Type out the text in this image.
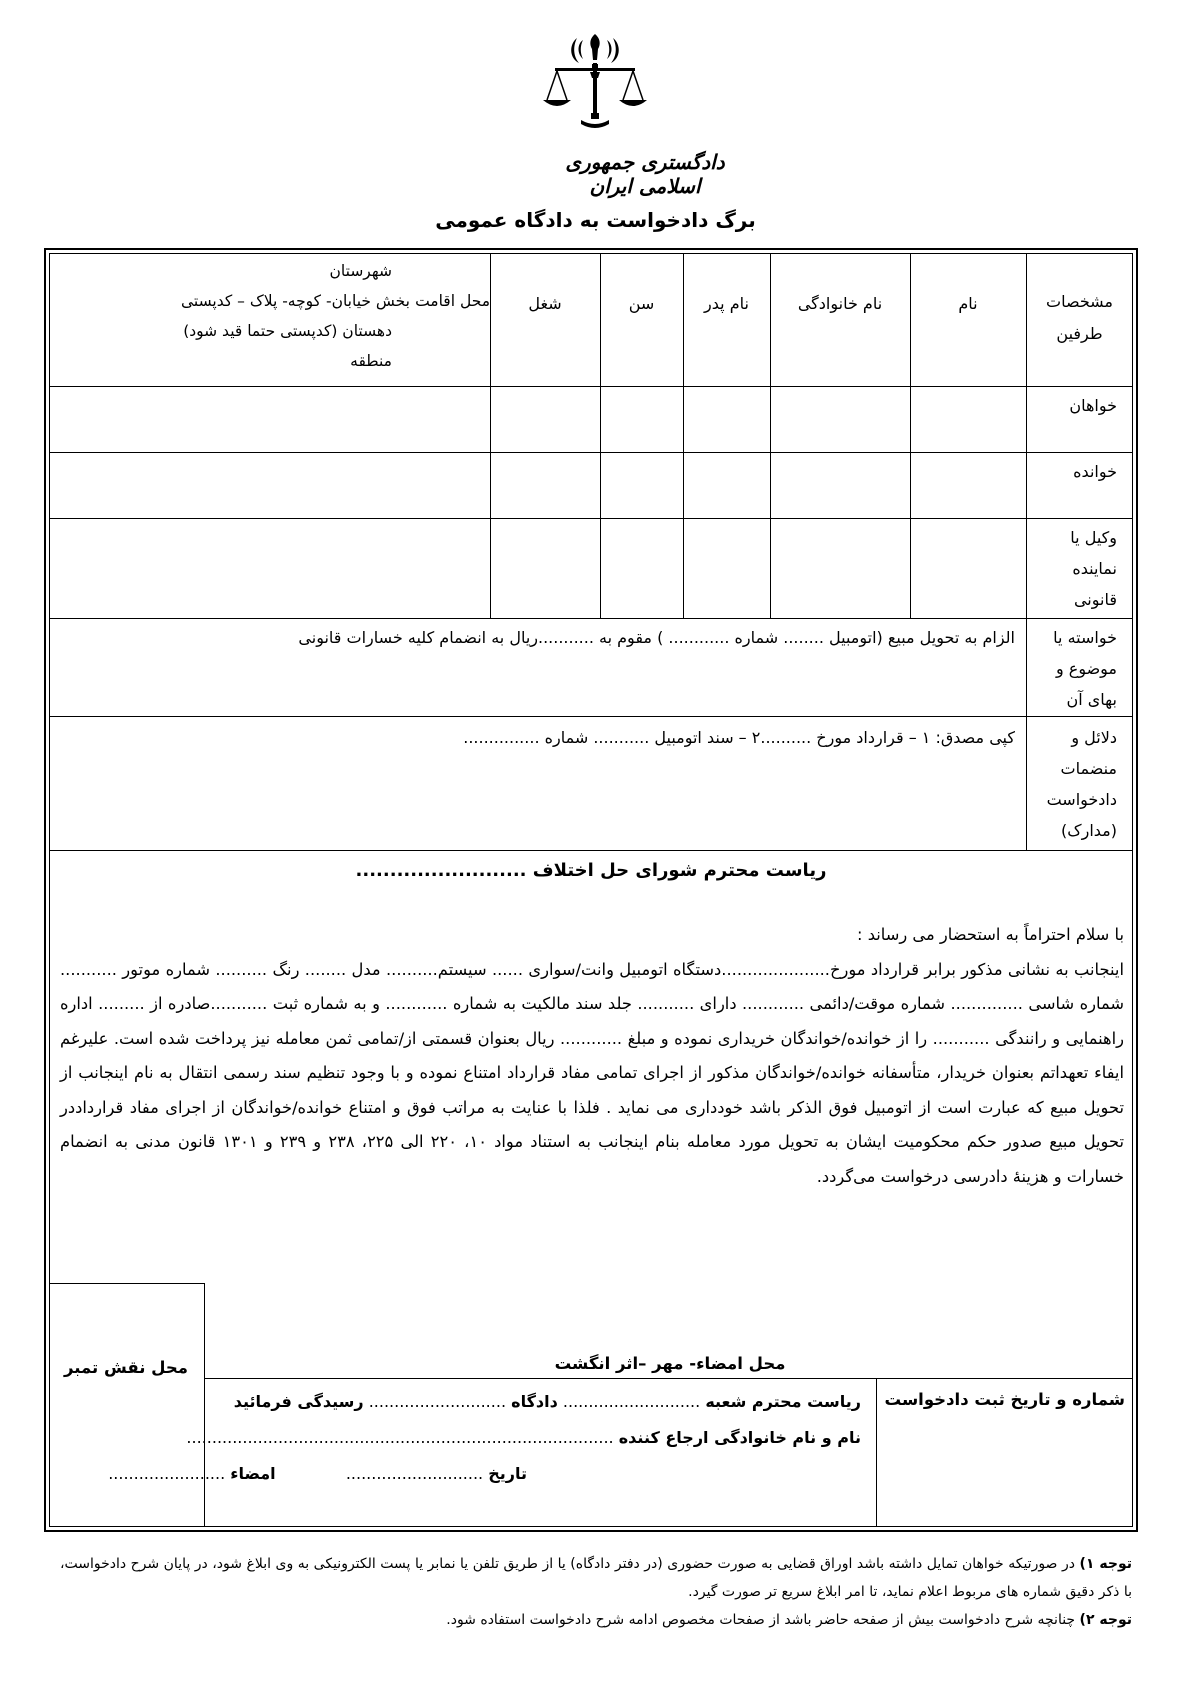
دادگستری جمهوری اسلامی ایران
برگ دادخواست به دادگاه عمومی
مشخصات
طرفین
نام
نام خانوادگی
نام پدر
سن
شغل
محل اقامت
شهرستان
بخش خیابان- کوچه- پلاک – کدپستی
دهستان (کدپستی حتما قید شود)
منطقه
خواهان
خوانده
وکیل یا
نماینده
قانونی
خواسته یا
موضوع و
بهای آن
الزام به تحویل مبیع (اتومبیل ........ شماره ............ ) مقوم به ...........ریال به انضمام کلیه خسارات قانونی
دلائل و
منضمات
دادخواست
(مدارک)
کپی مصدق: ۱ – قرارداد مورخ ..........۲ – سند اتومبیل ........... شماره ...............
ریاست محترم شورای حل اختلاف .........................

با سلام احتراماً به استحضار می رساند :

اینجانب به نشانی مذکور برابر قرارداد مورخ.....................دستگاه اتومبیل وانت/سواری ...... سیستم.......... مدل ........ رنگ .......... شماره موتور ........... شماره شاسی .............. شماره موقت/دائمی ............ دارای ........... جلد سند مالکیت به شماره ............ و به شماره ثبت ...........صادره از ......... اداره راهنمایی و رانندگی ........... را از خوانده/خواندگان خریداری نموده و مبلغ ............ ریال بعنوان قسمتی از/تمامی ثمن معامله نیز پرداخت شده است. علیرغم ایفاء تعهداتم بعنوان خریدار، متأسفانه خوانده/خواندگان مذکور از اجرای تمامی مفاد قرارداد امتناع نموده و با وجود تنظیم سند رسمی انتقال به نام اینجانب از تحویل مبیع که عبارت است از اتومبیل فوق الذکر باشد خودداری می نماید . فلذا با عنایت به مراتب فوق و امتناع خوانده/خواندگان از اجرای مفاد قرارداددر تحویل مبیع صدور حکم محکومیت ایشان به تحویل مورد معامله بنام اینجانب به استناد مواد ۱۰، ۲۲۰ الی ۲۲۵، ۲۳۸ و ۲۳۹ و ۱۳۰۱ قانون مدنی به انضمام خسارات و هزینهٔ دادرسی درخواست می‌گردد.

محل نقش تمبر	محل امضاء- مهر –اثر انگشت
شماره و تاریخ ثبت دادخواست
ریاست محترم شعبه ........................... دادگاه ........................... رسیدگی فرمائید
نام و نام خانوادگی ارجاع کننده ....................................................................................
تاریخ ...........................  امضاء .......................

توجه ۱) در صورتیکه خواهان تمایل داشته باشد اوراق قضایی به صورت حضوری (در دفتر دادگاه) یا از طریق تلفن یا نمابر یا پست الکترونیکی به وی ابلاغ شود، در پایان شرح دادخواست، با ذکر دقیق شماره های مربوط اعلام نماید، تا امر ابلاغ سریع تر صورت گیرد.

توجه ۲) چنانچه شرح دادخواست بیش از صفحه حاضر باشد از صفحات مخصوص ادامه شرح دادخواست استفاده شود.
